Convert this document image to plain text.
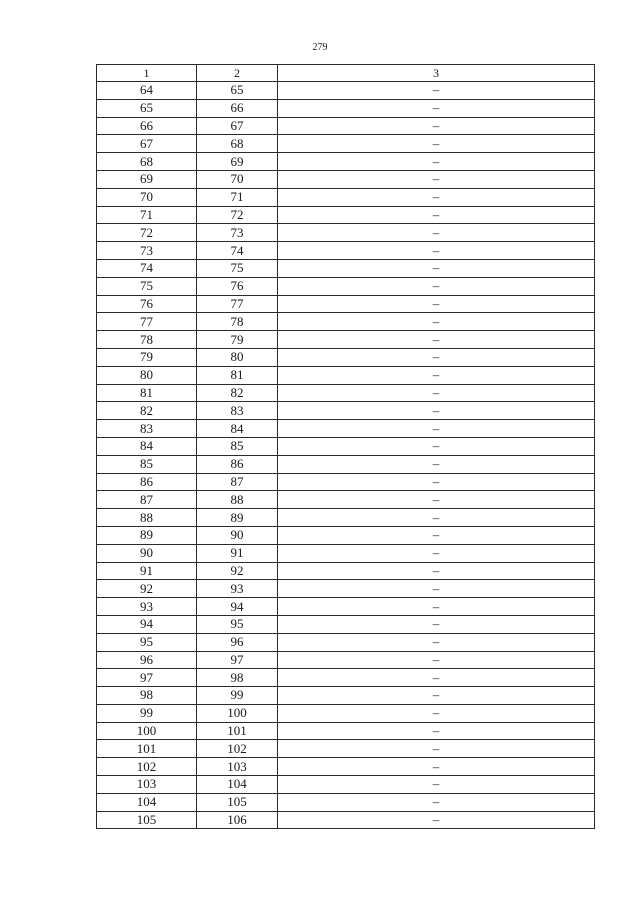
279
1	2	3
64	65	–
65	66	–
66	67	–
67	68	–
68	69	–
69	70	–
70	71	–
71	72	–
72	73	–
73	74	–
74	75	–
75	76	–
76	77	–
77	78	–
78	79	–
79	80	–
80	81	–
81	82	–
82	83	–
83	84	–
84	85	–
85	86	–
86	87	–
87	88	–
88	89	–
89	90	–
90	91	–
91	92	–
92	93	–
93	94	–
94	95	–
95	96	–
96	97	–
97	98	–
98	99	–
99	100	–
100	101	–
101	102	–
102	103	–
103	104	–
104	105	–
105	106	–
